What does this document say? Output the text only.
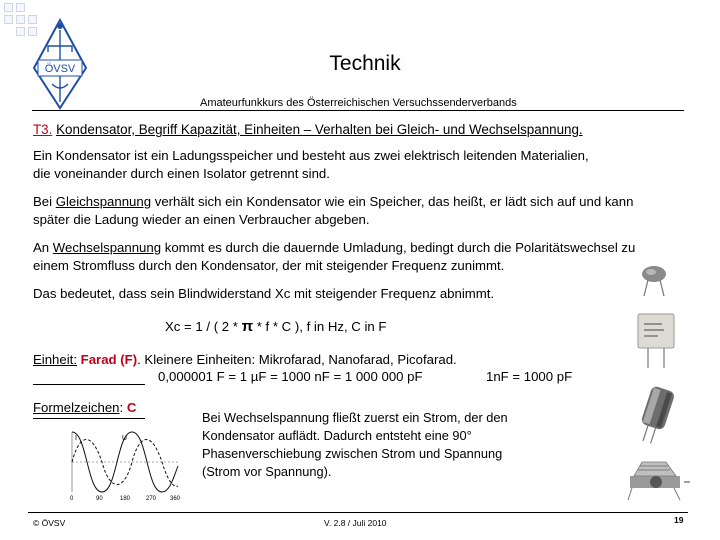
ÖVSV	Technik
Amateurfunkkurs des Österreichischen Versuchssenderverbands
T3. Kondensator, Begriff Kapazität, Einheiten – Verhalten bei Gleich- und Wechselspannung.
Ein Kondensator ist ein Ladungsspeicher und besteht aus zwei elektrisch leitenden Materialien,
die voneinander durch einen Isolator getrennt sind.
Bei Gleichspannung verhält sich ein Kondensator wie ein Speicher, das heißt, er lädt sich auf und kann
später die Ladung wieder an einen Verbraucher abgeben.
An Wechselspannung kommt es durch die dauernde Umladung, bedingt durch die Polaritätswechsel zu
einem Stromfluss durch den Kondensator, der mit steigender Frequenz zunimmt.
Das bedeutet, dass sein Blindwiderstand Xc mit steigender Frequenz abnimmt.
Xc = 1 / ( 2 * π * f * C ), f in Hz, C in F
Einheit: Farad (F). Kleinere Einheiten: Mikrofarad, Nanofarad, Picofarad.
0,000001 F = 1 µF = 1000 nF = 1 000 000 pF	1nF = 1000 pF
Formelzeichen: C
Bei Wechselspannung fließt zuerst ein Strom, der den
Kondensator auflädt. Dadurch entsteht eine 90°
Phasenverschiebung zwischen Strom und Spannung
(Strom vor Spannung).
I	U
0	90	180	270 360
© ÖVSV	V. 2.8 / Juli 2010	19
